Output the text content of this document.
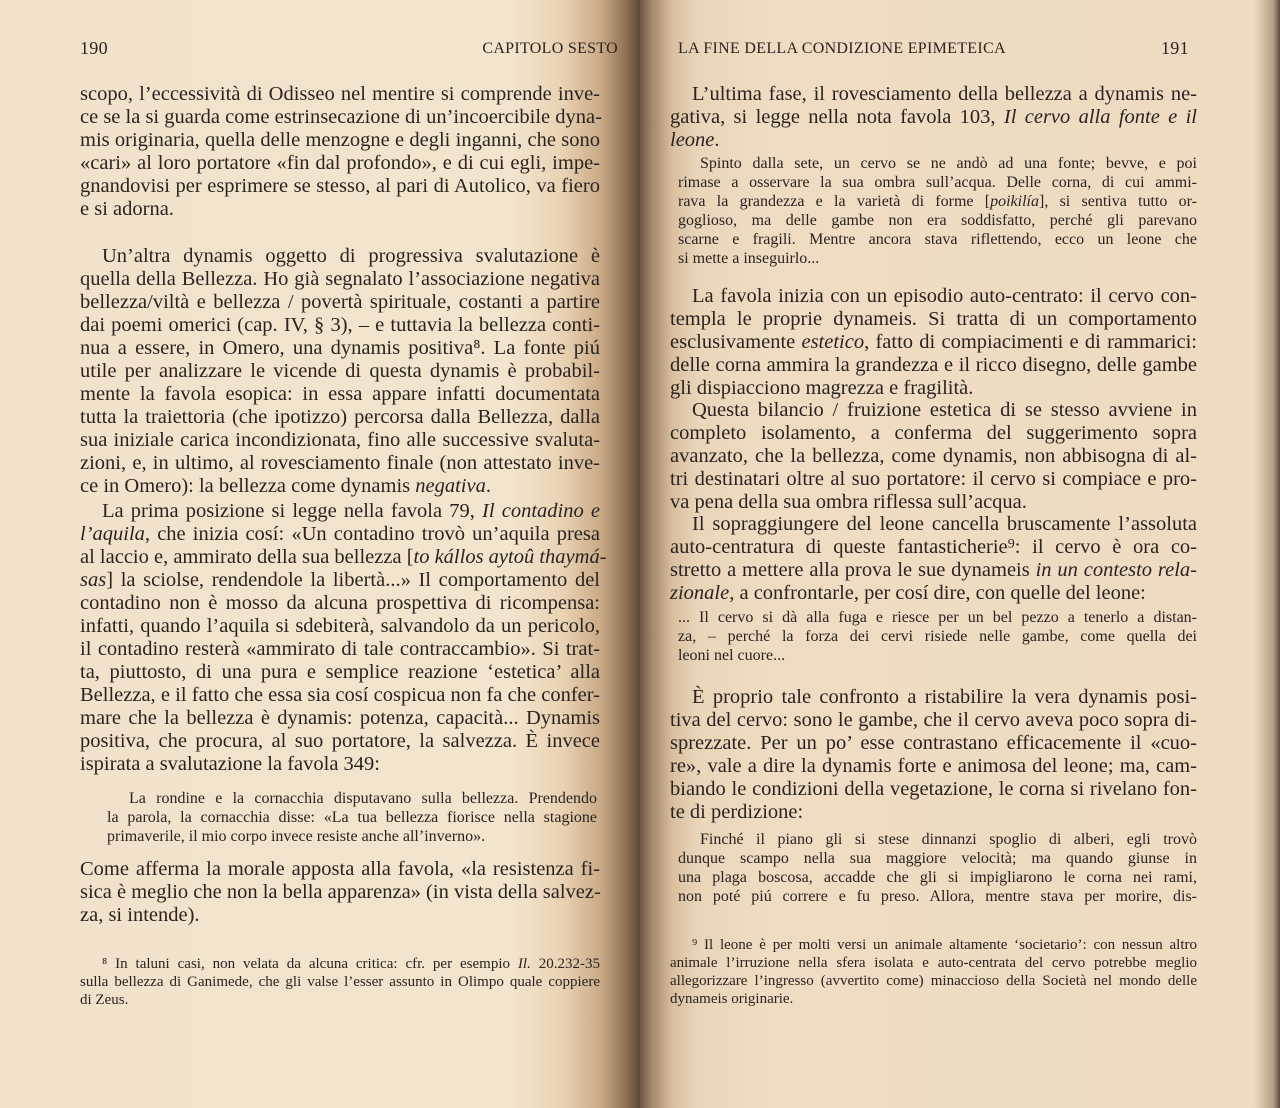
190	CAPITOLO SESTO
scopo, l’eccessività di Odisseo nel mentire si comprende inve-
ce se la si guarda come estrinsecazione di un’incoercibile dyna-
mis originaria, quella delle menzogne e degli inganni, che sono
«cari» al loro portatore «fin dal profondo», e di cui egli, impe-
gnandovisi per esprimere se stesso, al pari di Autolico, va fiero
e si adorna.
Un’altra dynamis oggetto di progressiva svalutazione è
quella della Bellezza. Ho già segnalato l’associazione negativa
bellezza/viltà e bellezza / povertà spirituale, costanti a partire
dai poemi omerici (cap. IV, § 3), – e tuttavia la bellezza conti-
nua a essere, in Omero, una dynamis positiva⁸. La fonte piú
utile per analizzare le vicende di questa dynamis è probabil-
mente la favola esopica: in essa appare infatti documentata
tutta la traiettoria (che ipotizzo) percorsa dalla Bellezza, dalla
sua iniziale carica incondizionata, fino alle successive svaluta-
zioni, e, in ultimo, al rovesciamento finale (non attestato inve-
ce in Omero): la bellezza come dynamis negativa.
La prima posizione si legge nella favola 79, Il contadino e
l’aquila, che inizia cosí: «Un contadino trovò un’aquila presa
al laccio e, ammirato della sua bellezza [to kállos aytoû thaymá-
sas] la sciolse, rendendole la libertà...» Il comportamento del
contadino non è mosso da alcuna prospettiva di ricompensa:
infatti, quando l’aquila si sdebiterà, salvandolo da un pericolo,
il contadino resterà «ammirato di tale contraccambio». Si trat-
ta, piuttosto, di una pura e semplice reazione ‘estetica’ alla
Bellezza, e il fatto che essa sia cosí cospicua non fa che confer-
mare che la bellezza è dynamis: potenza, capacità... Dynamis
positiva, che procura, al suo portatore, la salvezza. È invece
ispirata a svalutazione la favola 349:
La rondine e la cornacchia disputavano sulla bellezza. Prendendo
la parola, la cornacchia disse: «La tua bellezza fiorisce nella stagione
primaverile, il mio corpo invece resiste anche all’inverno».
Come afferma la morale apposta alla favola, «la resistenza fi-
sica è meglio che non la bella apparenza» (in vista della salvez-
za, si intende).
⁸ In taluni casi, non velata da alcuna critica: cfr. per esempio Il. 20.232-35
sulla bellezza di Ganimede, che gli valse l’esser assunto in Olimpo quale coppiere
di Zeus.
LA FINE DELLA CONDIZIONE EPIMETEICA	191
L’ultima fase, il rovesciamento della bellezza a dynamis ne-
gativa, si legge nella nota favola 103, Il cervo alla fonte e il
leone.
Spinto dalla sete, un cervo se ne andò ad una fonte; bevve, e poi
rimase a osservare la sua ombra sull’acqua. Delle corna, di cui ammi-
rava la grandezza e la varietà di forme [poikilía], si sentiva tutto or-
goglioso, ma delle gambe non era soddisfatto, perché gli parevano
scarne e fragili. Mentre ancora stava riflettendo, ecco un leone che
si mette a inseguirlo...
La favola inizia con un episodio auto-centrato: il cervo con-
templa le proprie dynameis. Si tratta di un comportamento
esclusivamente estetico, fatto di compiacimenti e di rammarici:
delle corna ammira la grandezza e il ricco disegno, delle gambe
gli dispiacciono magrezza e fragilità.
Questa bilancio / fruizione estetica di se stesso avviene in
completo isolamento, a conferma del suggerimento sopra
avanzato, che la bellezza, come dynamis, non abbisogna di al-
tri destinatari oltre al suo portatore: il cervo si compiace e pro-
va pena della sua ombra riflessa sull’acqua.
Il sopraggiungere del leone cancella bruscamente l’assoluta
auto-centratura di queste fantasticherie⁹: il cervo è ora co-
stretto a mettere alla prova le sue dynameis in un contesto rela-
zionale, a confrontarle, per cosí dire, con quelle del leone:
... Il cervo si dà alla fuga e riesce per un bel pezzo a tenerlo a distan-
za, – perché la forza dei cervi risiede nelle gambe, come quella dei
leoni nel cuore...
È proprio tale confronto a ristabilire la vera dynamis posi-
tiva del cervo: sono le gambe, che il cervo aveva poco sopra di-
sprezzate. Per un po’ esse contrastano efficacemente il «cuo-
re», vale a dire la dynamis forte e animosa del leone; ma, cam-
biando le condizioni della vegetazione, le corna si rivelano fon-
te di perdizione:
Finché il piano gli si stese dinnanzi spoglio di alberi, egli trovò
dunque scampo nella sua maggiore velocità; ma quando giunse in
una plaga boscosa, accadde che gli si impigliarono le corna nei rami,
non poté piú correre e fu preso. Allora, mentre stava per morire, dis-
⁹ Il leone è per molti versi un animale altamente ‘societario’: con nessun altro
animale l’irruzione nella sfera isolata e auto-centrata del cervo potrebbe meglio
allegorizzare l’ingresso (avvertito come) minaccioso della Società nel mondo delle
dynameis originarie.
